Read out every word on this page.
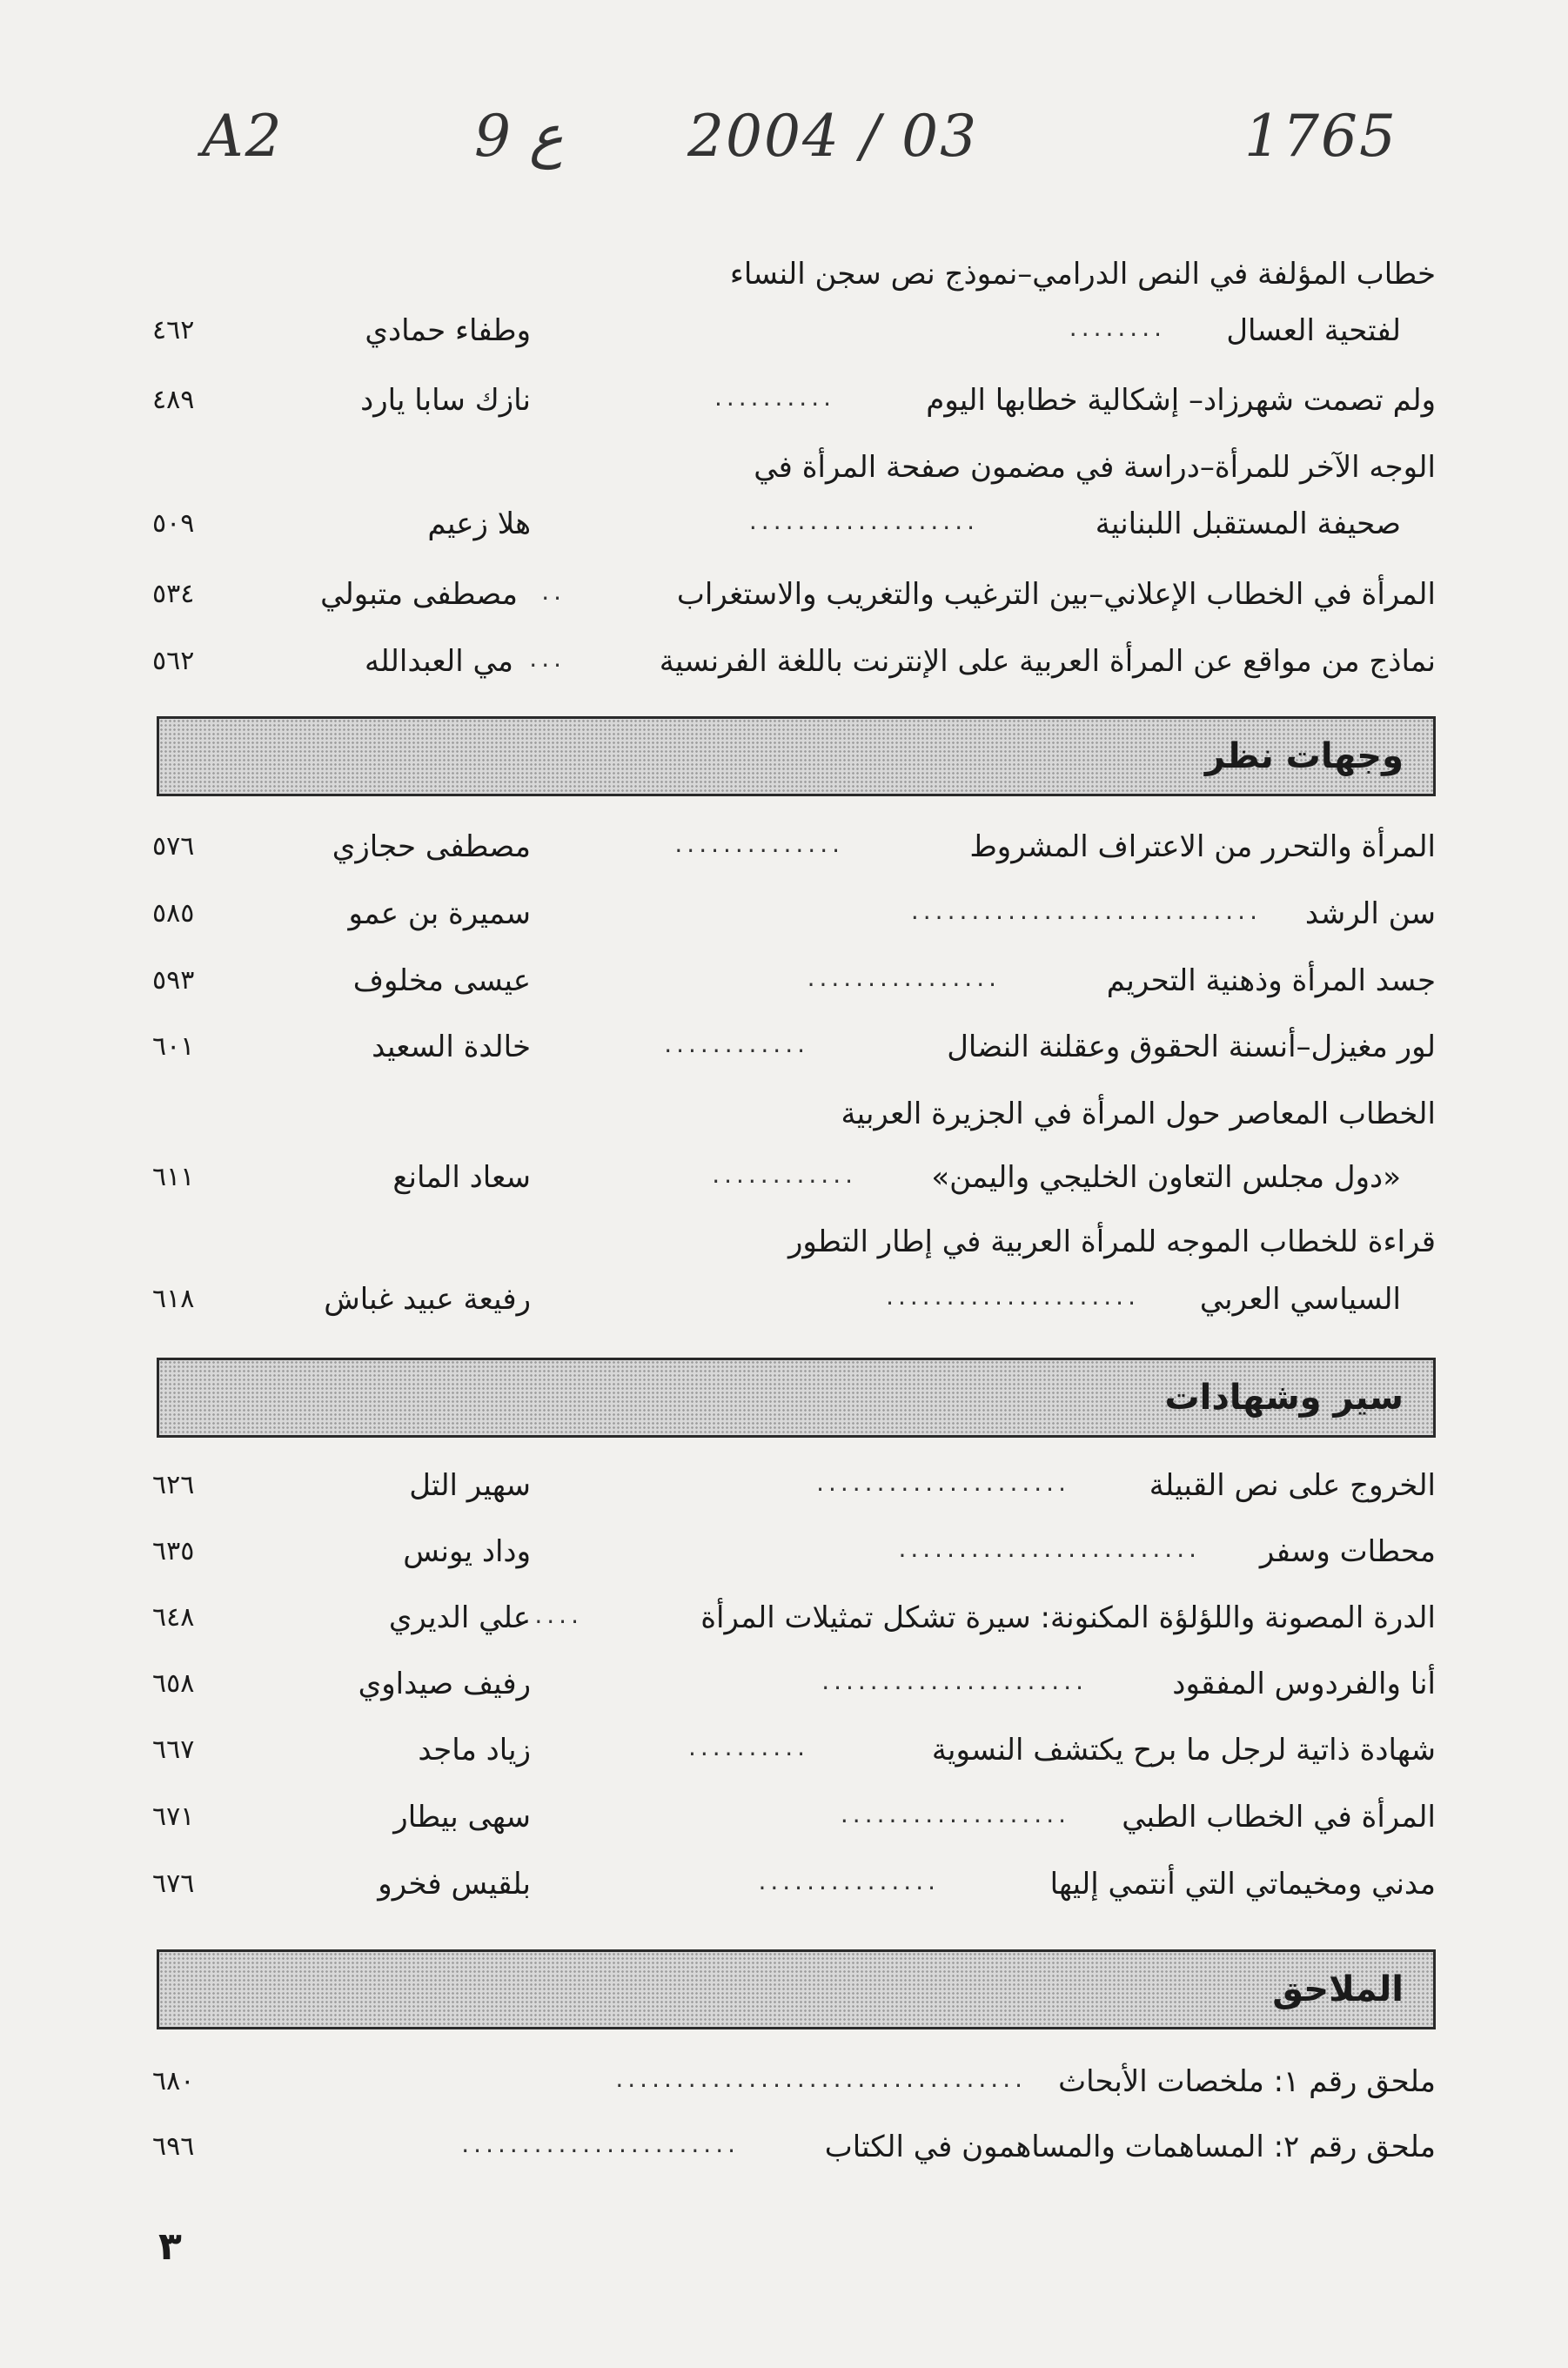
A2	9 ع 2004 / 03	1765
خطاب المؤلفة في النص الدرامي–نموذج نص سجن النساء
لفتحية العسال
........
وطفاء حمادي
٤٦٢
ولم تصمت شهرزاد– إشكالية خطابها اليوم
..........
نازك سابا يارد
٤٨٩
الوجه الآخر للمرأة–دراسة في مضمون صفحة المرأة في
صحيفة المستقبل اللبنانية
...................
هلا زعيم
٥٠٩
المرأة في الخطاب الإعلاني–بين الترغيب والتغريب والاستغراب
..
مصطفى متبولي
٥٣٤
نماذج من مواقع عن المرأة العربية على الإنترنت باللغة الفرنسية
...
مي العبدالله
٥٦٢
وجهات نظر
المرأة والتحرر من الاعتراف المشروط
..............
مصطفى حجازي
٥٧٦
سن الرشد
.............................
سميرة بن عمو
٥٨٥
جسد المرأة وذهنية التحريم
................
عيسى مخلوف
٥٩٣
لور مغيزل–أنسنة الحقوق وعقلنة النضال
............
خالدة السعيد
٦٠١
الخطاب المعاصر حول المرأة في الجزيرة العربية
«دول مجلس التعاون الخليجي واليمن»
............
سعاد المانع
٦١١
قراءة للخطاب الموجه للمرأة العربية في إطار التطور
السياسي العربي
.....................
رفيعة عبيد غباش
٦١٨
سير وشهادات
الخروج على نص القبيلة
.....................
سهير التل
٦٢٦
محطات وسفر
.........................
وداد يونس
٦٣٥
الدرة المصونة واللؤلؤة المكنونة: سيرة تشكل تمثيلات المرأة
.....
علي الديري
٦٤٨
أنا والفردوس المفقود
......................
رفيف صيداوي
٦٥٨
شهادة ذاتية لرجل ما برح يكتشف النسوية
..........
زياد ماجد
٦٦٧
المرأة في الخطاب الطبي
...................
سهى بيطار
٦٧١
مدني ومخيماتي التي أنتمي إليها
...............
بلقيس فخرو
٦٧٦
الملاحق
ملحق رقم ١: ملخصات الأبحاث
..................................
٦٨٠
ملحق رقم ٢: المساهمات والمساهمون في الكتاب
.......................
٦٩٦
٣
